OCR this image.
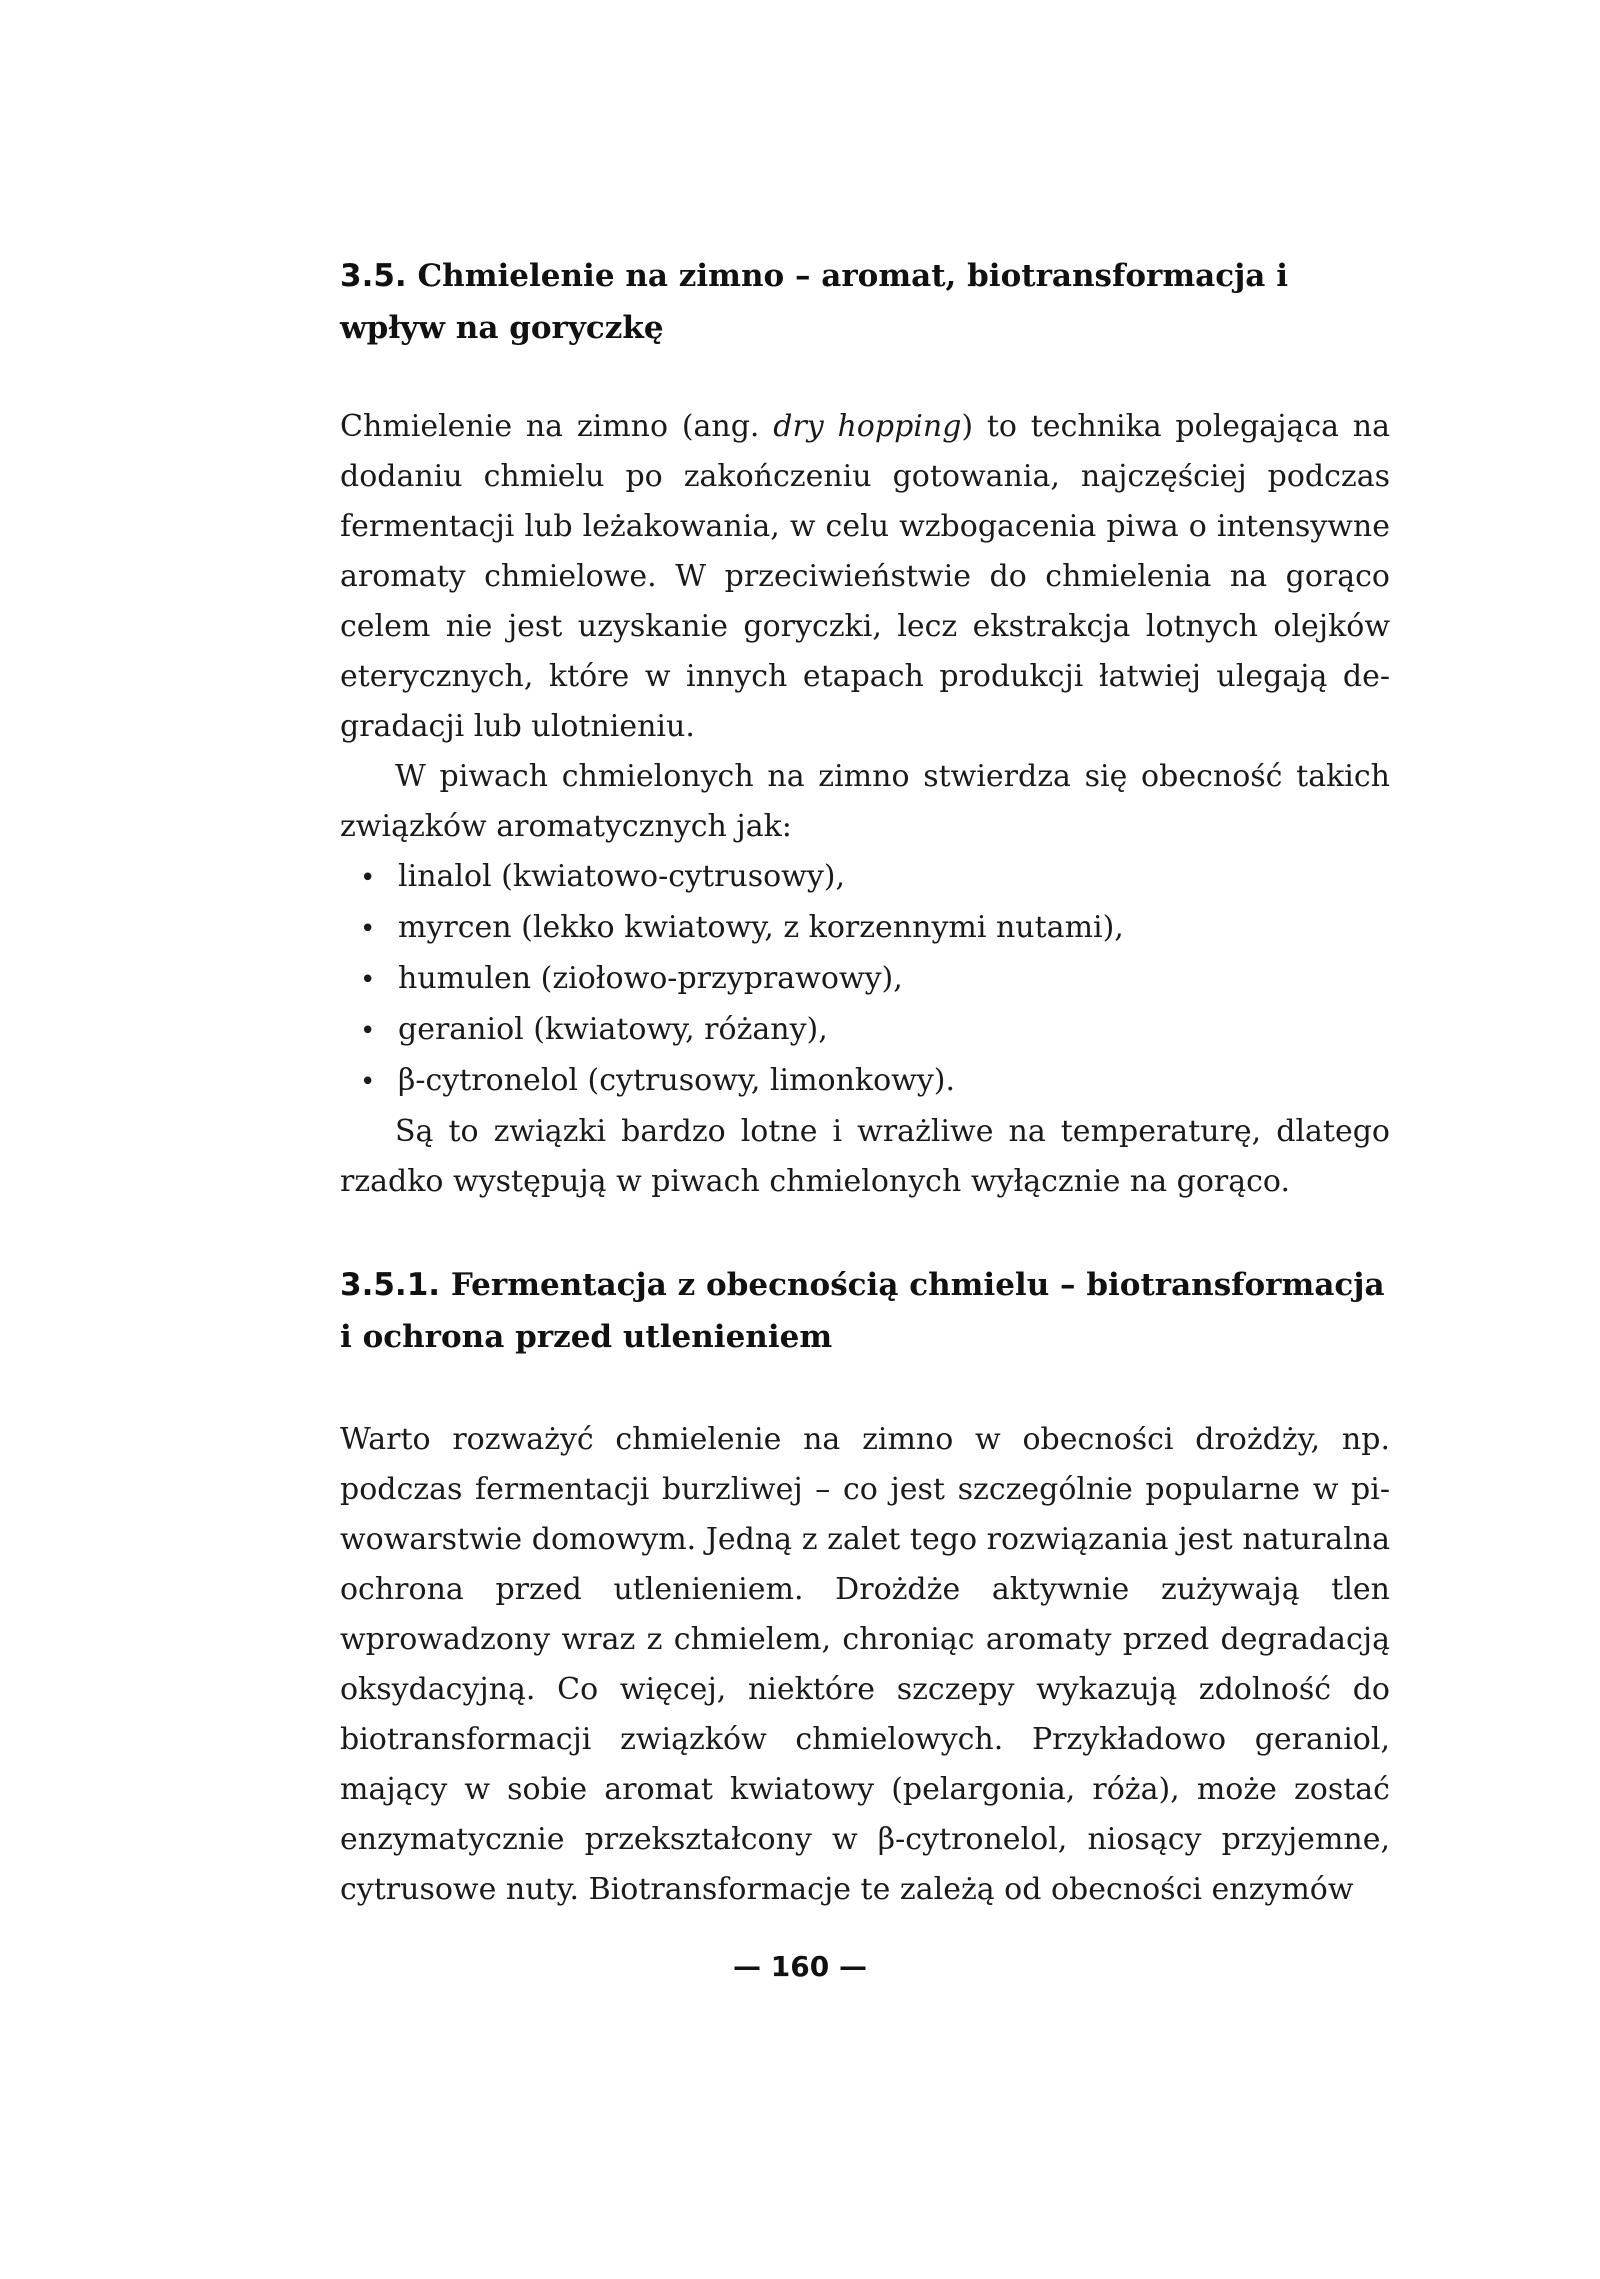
3.5. Chmielenie na zimno – aromat, biotransformacja i wpływ na goryczkę

Chmielenie na zimno (ang. dry hopping) to technika polegająca na dodaniu chmielu po zakończeniu gotowania, najczęściej podczas fermentacji lub leżakowania, w celu wzbogacenia piwa o intensywne aromaty chmielowe. W przeciwieństwie do chmielenia na gorąco celem nie jest uzyskanie goryczki, lecz ekstrakcja lotnych olejków eterycznych, które w innych etapach produkcji łatwiej ulegają degradacji lub ulotnieniu.

W piwach chmielonych na zimno stwierdza się obecność takich związków aromatycznych jak:

• linalol (kwiatowo-cytrusowy),
• myrcen (lekko kwiatowy, z korzennymi nutami),
• humulen (ziołowo-przyprawowy),
• geraniol (kwiatowy, różany),
• β-cytronelol (cytrusowy, limonkowy).

Są to związki bardzo lotne i wrażliwe na temperaturę, dlatego rzadko występują w piwach chmielonych wyłącznie na gorąco.

3.5.1. Fermentacja z obecnością chmielu – biotransformacja i ochrona przed utlenieniem

Warto rozważyć chmielenie na zimno w obecności drożdży, np. podczas fermentacji burzliwej – co jest szczególnie popularne w piwowarstwie domowym. Jedną z zalet tego rozwiązania jest naturalna ochrona przed utlenieniem. Drożdże aktywnie zużywają tlen wprowadzony wraz z chmielem, chroniąc aromaty przed degradacją oksydacyjną. Co więcej, niektóre szczepy wykazują zdolność do biotransformacji związków chmielowych. Przykładowo geraniol, mający w sobie aromat kwiatowy (pelargonia, róża), może zostać enzymatycznie przekształcony w β-cytronelol, niosący przyjemne, cytrusowe nuty. Biotransformacje te zależą od obecności enzymów

— 160 —
